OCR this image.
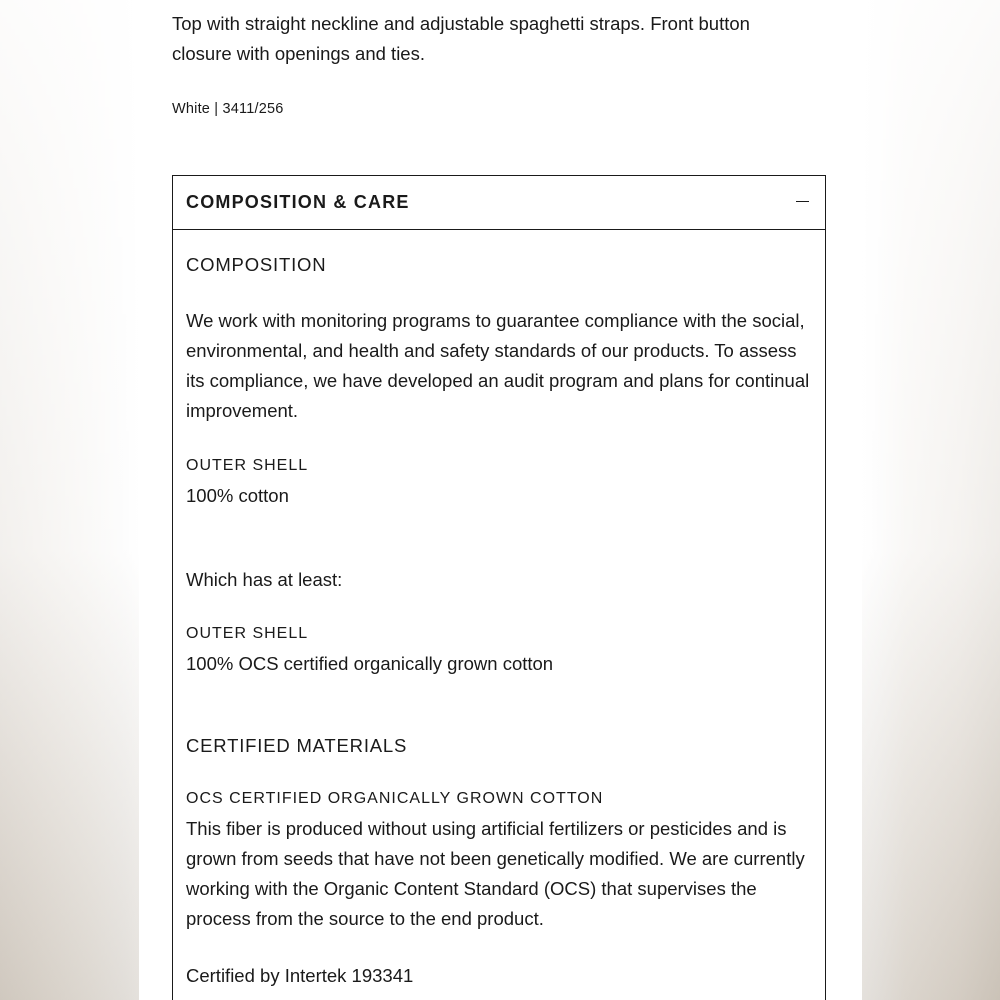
Top with straight neckline and adjustable spaghetti straps. Front button closure with openings and ties.

White | 3411/256
COMPOSITION & CARE
COMPOSITION

We work with monitoring programs to guarantee compliance with the social, environmental, and health and safety standards of our products. To assess its compliance, we have developed an audit program and plans for continual improvement.

OUTER SHELL
100% cotton
Which has at least:
OUTER SHELL
100% OCS certified organically grown cotton
CERTIFIED MATERIALS
OCS CERTIFIED ORGANICALLY GROWN COTTON

This fiber is produced without using artificial fertilizers or pesticides and is grown from seeds that have not been genetically modified. We are currently working with the Organic Content Standard (OCS) that supervises the process from the source to the end product.

Certified by Intertek 193341
